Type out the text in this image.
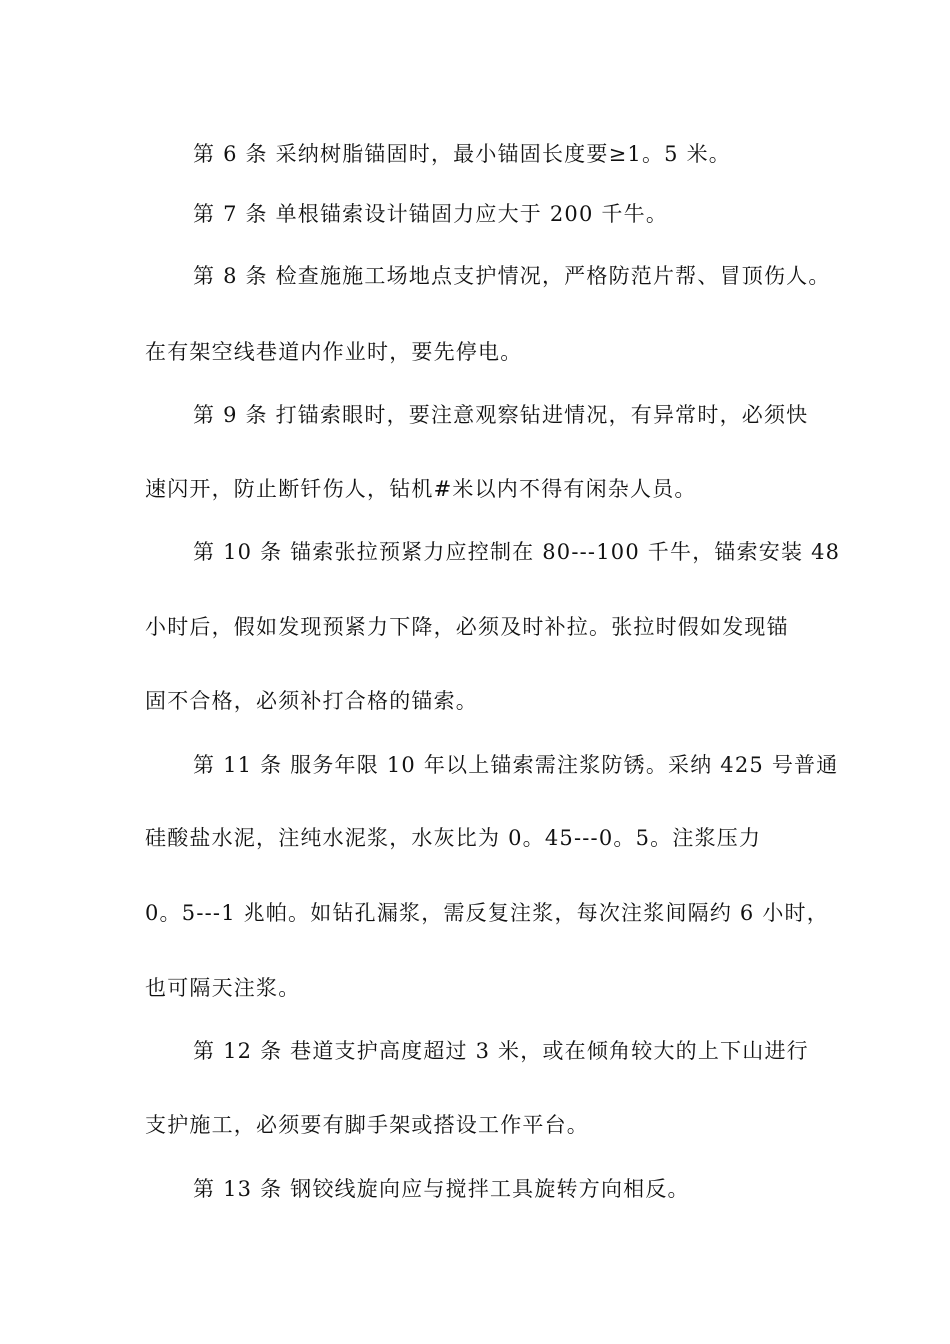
第 6 条 采纳树脂锚固时，最小锚固长度要≥1。5 米。
第 7 条 单根锚索设计锚固力应大于 200 千牛。
第 8 条 检查施施工场地点支护情况，严格防范片帮、冒顶伤人。
在有架空线巷道内作业时，要先停电。
第 9 条 打锚索眼时，要注意观察钻进情况，有异常时，必须快
速闪开，防止断钎伤人，钻机#米以内不得有闲杂人员。
第 10 条 锚索张拉预紧力应控制在 80---100 千牛，锚索安装 48
小时后，假如发现预紧力下降，必须及时补拉。张拉时假如发现锚
固不合格，必须补打合格的锚索。
第 11 条 服务年限 10 年以上锚索需注浆防锈。采纳 425 号普通
硅酸盐水泥，注纯水泥浆，水灰比为 0。45---0。5。注浆压力
0。5---1 兆帕。如钻孔漏浆，需反复注浆，每次注浆间隔约 6 小时，
也可隔天注浆。
第 12 条 巷道支护高度超过 3 米，或在倾角较大的上下山进行
支护施工，必须要有脚手架或搭设工作平台。
第 13 条 钢铰线旋向应与搅拌工具旋转方向相反。
